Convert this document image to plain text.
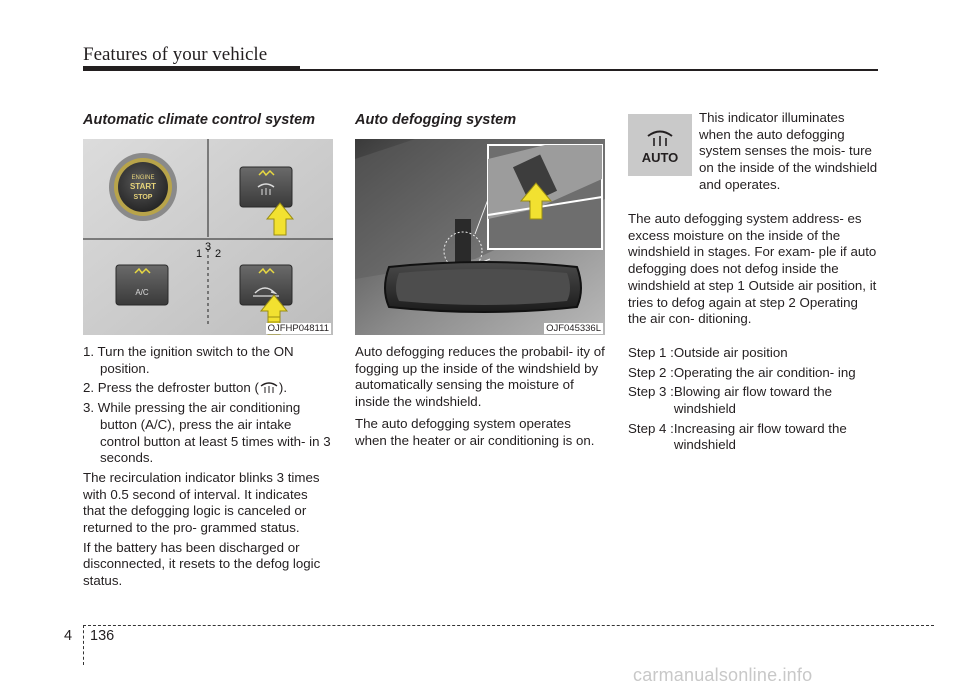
Features of your vehicle
Automatic climate control system
ENGINE
START
STOP
1 2
3
A/C
OJFHP048111
1. Turn the ignition switch to the ON position.
2. Press the defroster button ( ).
3. While pressing the air conditioning button (A/C), press the air intake control button at least 5 times with- in 3 seconds.

The recirculation indicator blinks 3 times with 0.5 second of interval. It indicates that the defogging logic is canceled or returned to the pro- grammed status.

If the battery has been discharged or disconnected, it resets to the defog logic status.

Auto defogging system
OJF045336L

Auto defogging reduces the probabil- ity of fogging up the inside of the windshield by automatically sensing the moisture of inside the windshield.

The auto defogging system operates when the heater or air conditioning is on.

AUTO
This indicator illuminates when the auto defogging system senses the mois- ture on the inside of the windshield and operates.

The auto defogging system address- es excess moisture on the inside of the windshield in stages. For exam- ple if auto defogging does not defog inside the windshield at step 1 Outside air position, it tries to defog again at step 2 Operating the air con- ditioning.

Step 1 : Outside air position
Step 2 : Operating the air condition- ing
Step 3 : Blowing air flow toward the windshield
Step 4 : Increasing air flow toward the windshield
4 136
carmanualsonline.info
